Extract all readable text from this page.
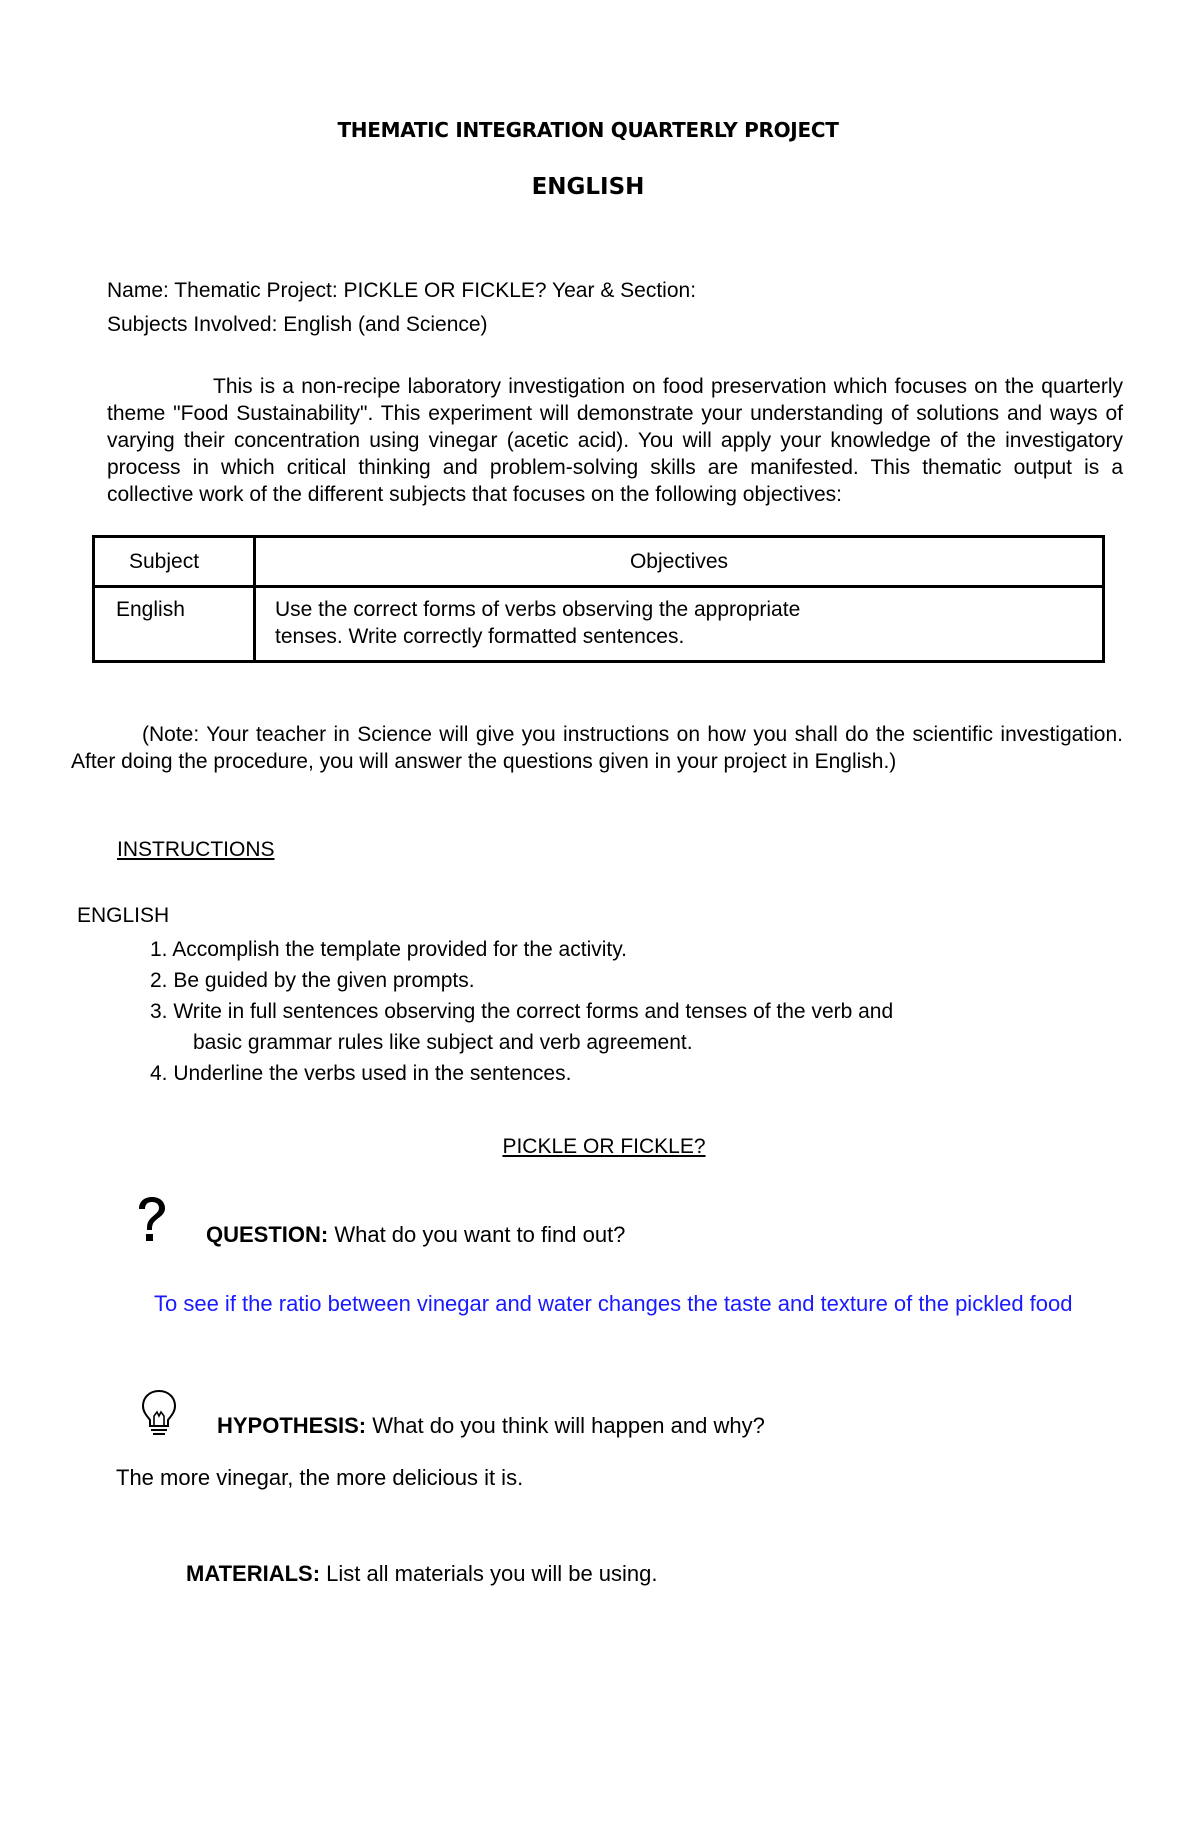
THEMATIC INTEGRATION QUARTERLY PROJECT
ENGLISH
Name: Thematic Project: PICKLE OR FICKLE? Year & Section:
Subjects Involved: English (and Science)
This is a non-recipe laboratory investigation on food preservation which focuses on the quarterly theme "Food Sustainability". This experiment will demonstrate your understanding of solutions and ways of varying their concentration using vinegar (acetic acid). You will apply your knowledge of the investigatory process in which critical thinking and problem-solving skills are manifested. This thematic output is a collective work of the different subjects that focuses on the following objectives:
Subject	Objectives
English	Use the correct forms of verbs observing the appropriate
tenses. Write correctly formatted sentences.
(Note: Your teacher in Science will give you instructions on how you shall do the scientific investigation. After doing the procedure, you will answer the questions given in your project in English.)
INSTRUCTIONS
ENGLISH
1. Accomplish the template provided for the activity.
2. Be guided by the given prompts.
3. Write in full sentences observing the correct forms and tenses of the verb and
basic grammar rules like subject and verb agreement.
4. Underline the verbs used in the sentences.
PICKLE OR FICKLE?
QUESTION: What do you want to find out?
To see if the ratio between vinegar and water changes the taste and texture of the pickled food
HYPOTHESIS: What do you think will happen and why?
The more vinegar, the more delicious it is.
MATERIALS: List all materials you will be using.
